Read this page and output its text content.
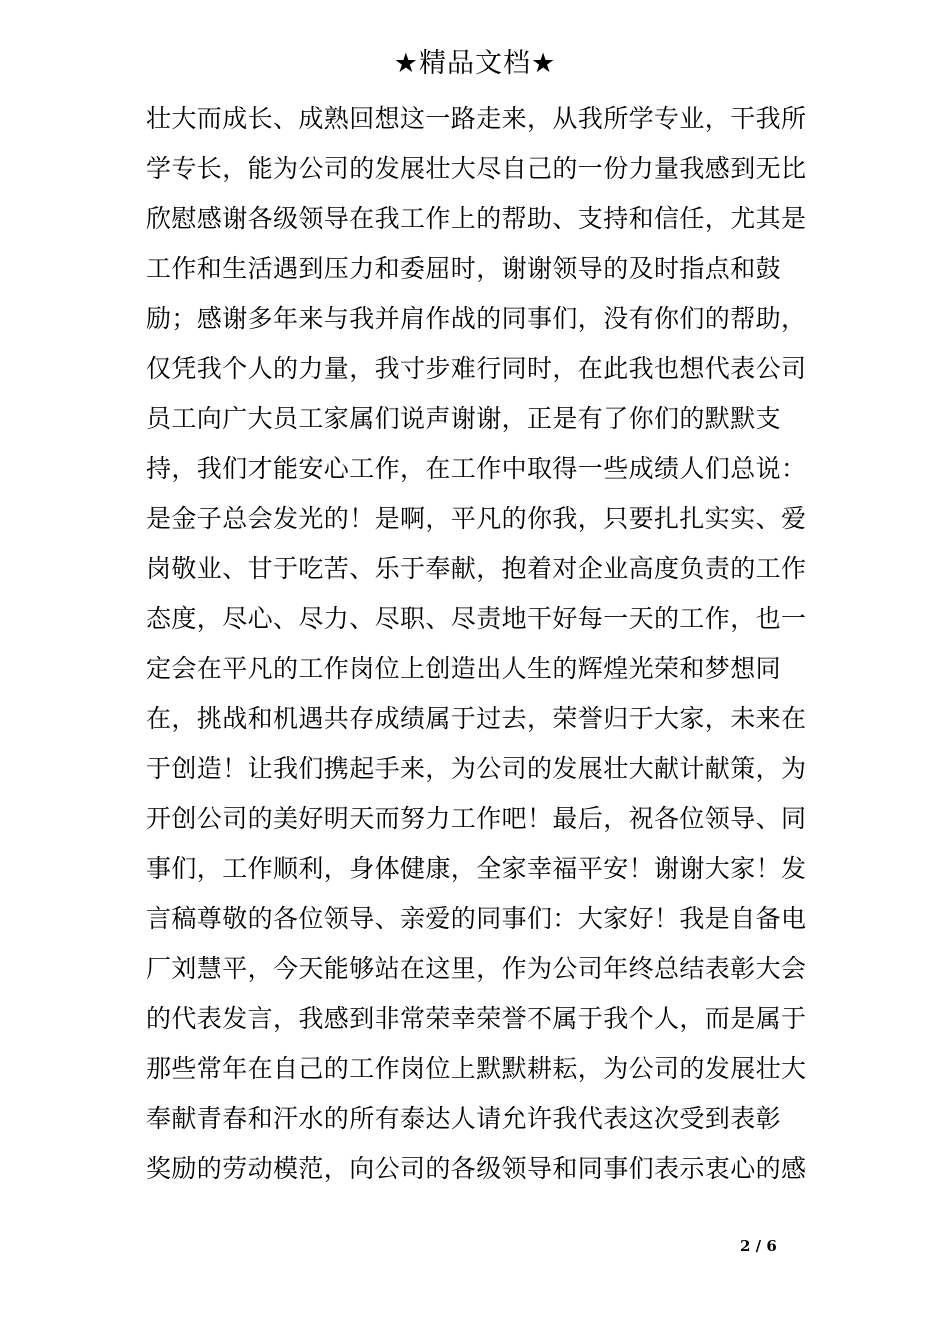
★精品文档★
壮大而成长、成熟回想这一路走来，从我所学专业，干我所
学专长，能为公司的发展壮大尽自己的一份力量我感到无比
欣慰感谢各级领导在我工作上的帮助、支持和信任，尤其是
工作和生活遇到压力和委屈时，谢谢领导的及时指点和鼓
励；感谢多年来与我并肩作战的同事们，没有你们的帮助，
仅凭我个人的力量，我寸步难行同时，在此我也想代表公司
员工向广大员工家属们说声谢谢，正是有了你们的默默支
持，我们才能安心工作，在工作中取得一些成绩人们总说：
是金子总会发光的！是啊，平凡的你我，只要扎扎实实、爱
岗敬业、甘于吃苦、乐于奉献，抱着对企业高度负责的工作
态度，尽心、尽力、尽职、尽责地干好每一天的工作，也一
定会在平凡的工作岗位上创造出人生的辉煌光荣和梦想同
在，挑战和机遇共存成绩属于过去，荣誉归于大家，未来在
于创造！让我们携起手来，为公司的发展壮大献计献策，为
开创公司的美好明天而努力工作吧！最后，祝各位领导、同
事们，工作顺利，身体健康，全家幸福平安！谢谢大家！发
言稿尊敬的各位领导、亲爱的同事们：大家好！我是自备电
厂刘慧平，今天能够站在这里，作为公司年终总结表彰大会
的代表发言，我感到非常荣幸荣誉不属于我个人，而是属于
那些常年在自己的工作岗位上默默耕耘，为公司的发展壮大
奉献青春和汗水的所有泰达人请允许我代表这次受到表彰
奖励的劳动模范，向公司的各级领导和同事们表示衷心的感
2 / 6
